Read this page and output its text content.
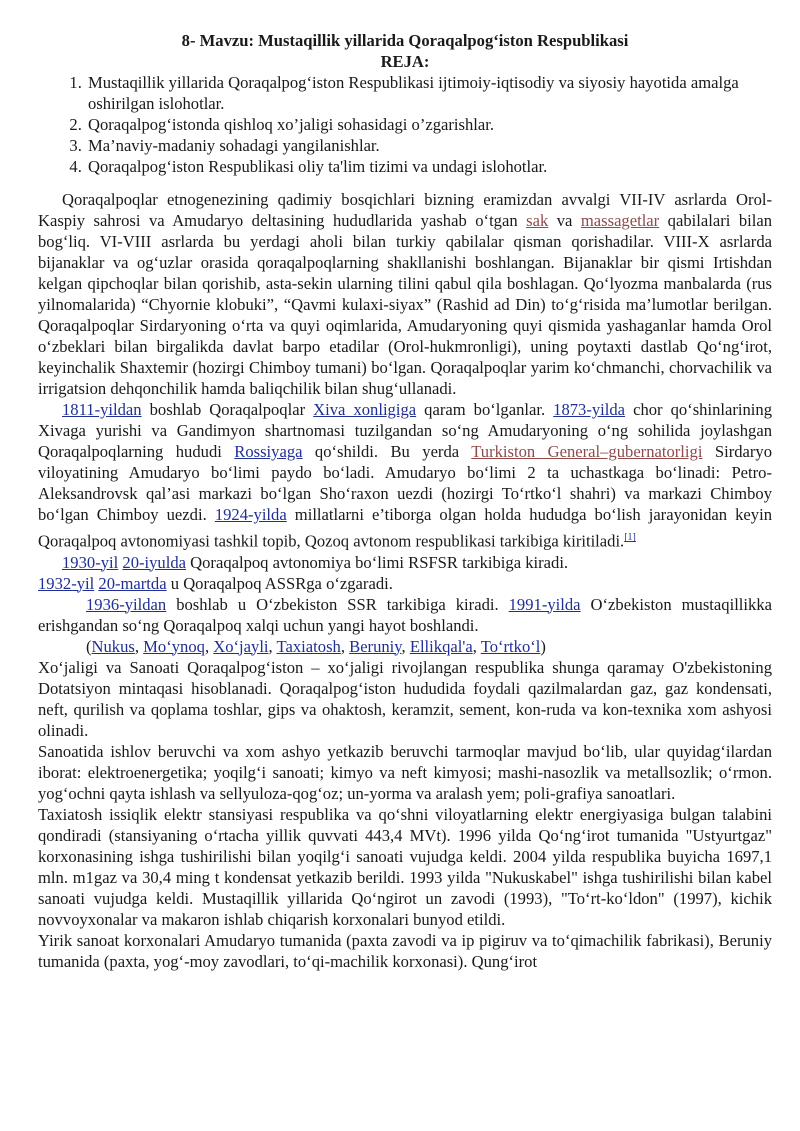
8- Mavzu: Mustaqillik yillarida Qoraqalpog‘iston Respublikasi

REJA:

1. Mustaqillik yillarida Qoraqalpog‘iston Respublikasi ijtimoiy-iqtisodiy va siyosiy hayotida amalga oshirilgan islohotlar.
2. Qoraqalpog‘istonda qishloq xo’jaligi sohasidagi o’zgarishlar.
3. Ma’naviy-madaniy sohadagi yangilanishlar.
4. Qoraqalpog‘iston Respublikasi oliy ta'lim tizimi va undagi islohotlar.

Qoraqalpoqlar etnogenezining qadimiy bosqichlari bizning eramizdan avvalgi VII-IV asrlarda Orol-Kaspiy sahrosi va Amudaryo deltasining hududlarida yashab o‘tgan sak va massagetlar qabilalari bilan bog‘liq. VI-VIII asrlarda bu yerdagi aholi bilan turkiy qabilalar qisman qorishadilar. VIII-X asrlarda bijanaklar va og‘uzlar orasida qoraqalpoqlarning shakllanishi boshlangan. Bijanaklar bir qismi Irtishdan kelgan qipchoqlar bilan qorishib, asta-sekin ularning tilini qabul qila boshlagan. Qo‘lyozma manbalarda (rus yilnomalarida) “Chyornie klobuki”, “Qavmi kulaxi-siyax” (Rashid ad Din) to‘g‘risida ma’lumotlar berilgan. Qoraqalpoqlar Sirdaryoning o‘rta va quyi oqimlarida, Amudaryoning quyi qismida yashaganlar hamda Orol o‘zbeklari bilan birgalikda davlat barpo etadilar (Orol-hukmronligi), uning poytaxti dastlab Qo‘ng‘irot, keyinchalik Shaxtemir (hozirgi Chimboy tumani) bo‘lgan. Qoraqalpoqlar yarim ko‘chmanchi, chorvachilik va irrigatsion dehqonchilik hamda baliqchilik bilan shug‘ullanadi.

1811-yildan boshlab Qoraqalpoqlar Xiva xonligiga qaram bo‘lganlar. 1873-yilda chor qo‘shinlarining Xivaga yurishi va Gandimyon shartnomasi tuzilgandan so‘ng Amudaryoning o‘ng sohilida joylashgan Qoraqalpoqlarning hududi Rossiyaga qo‘shildi. Bu yerda Turkiston General–gubernatorligi Sirdaryo viloyatining Amudaryo bo‘limi paydo bo‘ladi. Amudaryo bo‘limi 2 ta uchastkaga bo‘linadi: Petro-Aleksandrovsk qal’asi markazi bo‘lgan Sho‘raxon uezdi (hozirgi To‘rtko‘l shahri) va markazi Chimboy bo‘lgan Chimboy uezdi. 1924-yilda millatlarni e’tiborga olgan holda hududga bo‘lish jarayonidan keyin Qoraqalpoq avtonomiyasi tashkil topib, Qozoq avtonom respublikasi tarkibiga kiritiladi.[1]

1930-yil 20-iyulda Qoraqalpoq avtonomiya bo‘limi RSFSR tarkibiga kiradi.

1932-yil 20-martda u Qoraqalpoq ASSRga o‘zgaradi.

1936-yildan boshlab u O‘zbekiston SSR tarkibiga kiradi. 1991-yilda O‘zbekiston mustaqillikka erishgandan so‘ng Qoraqalpoq xalqi uchun yangi hayot boshlandi.

(Nukus, Mo‘ynoq, Xo‘jayli, Taxiatosh, Beruniy, Ellikqal'a, To‘rtko‘l)

Xo‘jaligi va Sanoati Qoraqalpog‘iston – xo‘jaligi rivojlangan respublika shunga qaramay O'zbekistoning Dotatsiyon mintaqasi hisoblanadi. Qoraqalpog‘iston hududida foydali qazilmalardan gaz, gaz kondensati, neft, qurilish va qoplama toshlar, gips va ohaktosh, keramzit, sement, kon-ruda va kon-texnika xom ashyosi olinadi.

Sanoatida ishlov beruvchi va xom ashyo yetkazib beruvchi tarmoqlar mavjud bo‘lib, ular quyidag‘ilardan iborat: elektroenergetika; yoqilg‘i sanoati; kimyo va neft kimyosi; mashi-nasozlik va metallsozlik; o‘rmon. yog‘ochni qayta ishlash va sellyuloza-qog‘oz; un-yorma va aralash yem; poli-grafiya sanoatlari.

Taxiatosh issiqlik elektr stansiyasi respublika va qo‘shni viloyatlarning elektr energiyasiga bulgan talabini qondiradi (stansiyaning o‘rtacha yillik quvvati 443,4 MVt). 1996 yilda Qo‘ng‘irot tumanida "Ustyurtgaz" korxonasining ishga tushirilishi bilan yoqilg‘i sanoati vujudga keldi. 2004 yilda respublika buyicha 1697,1 mln. m1gaz va 30,4 ming t kondensat yetkazib berildi. 1993 yilda "Nukuskabel" ishga tushirilishi bilan kabel sanoati vujudga keldi. Mustaqillik yillarida Qo‘ngirot un zavodi (1993), "To‘rt-ko‘ldon" (1997), kichik novvoyxonalar va makaron ishlab chiqarish korxonalari bunyod etildi.

Yirik sanoat korxonalari Amudaryo tumanida (paxta zavodi va ip pigiruv va to‘qimachilik fabrikasi), Beruniy tumanida (paxta, yog‘-moy zavodlari, to‘qi-machilik korxonasi). Qung‘irot
